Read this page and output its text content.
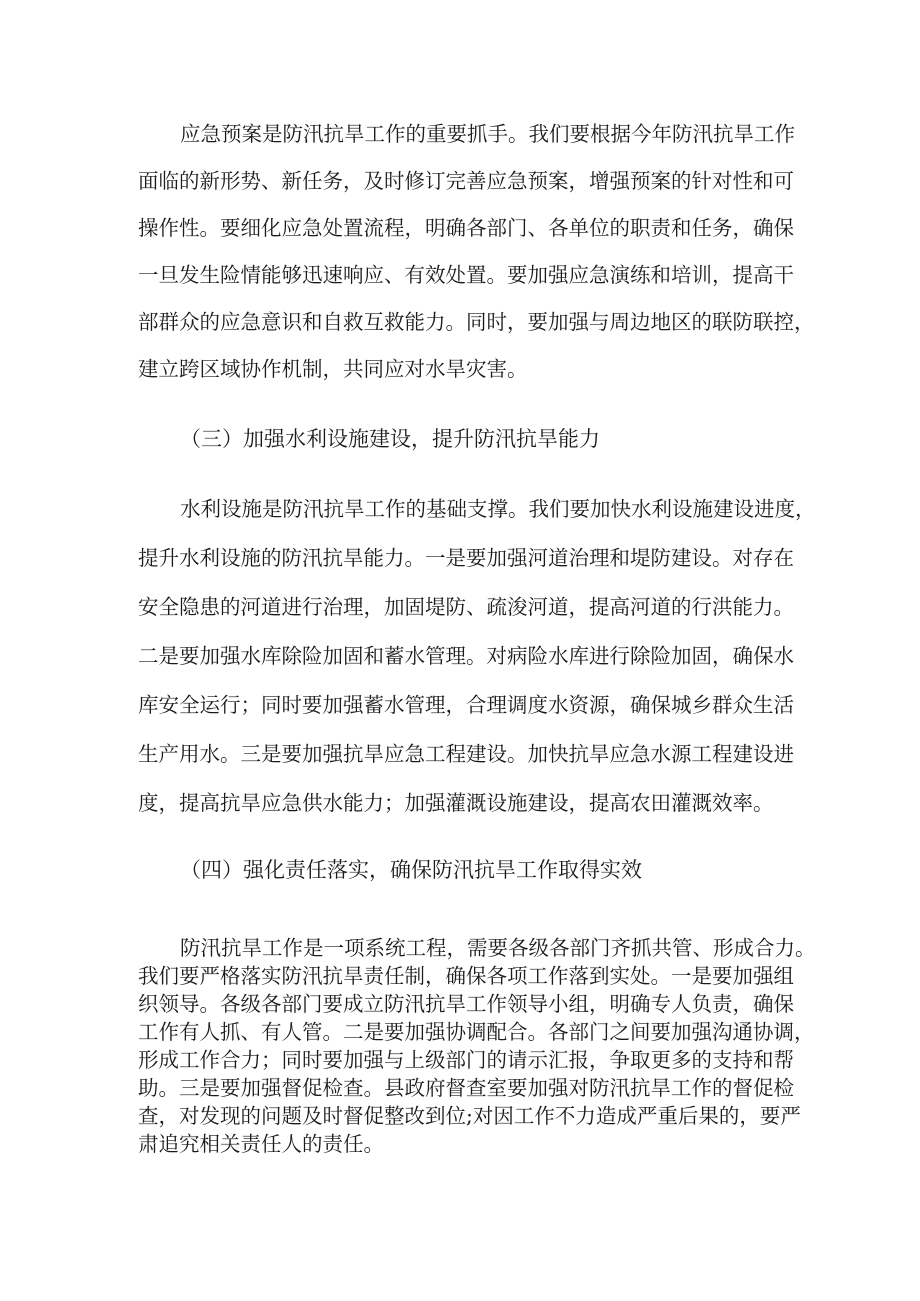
应急预案是防汛抗旱工作的重要抓手。我们要根据今年防汛抗旱工作

面临的新形势、新任务，及时修订完善应急预案，增强预案的针对性和可

操作性。要细化应急处置流程，明确各部门、各单位的职责和任务，确保

一旦发生险情能够迅速响应、有效处置。要加强应急演练和培训，提高干

部群众的应急意识和自救互救能力。同时，要加强与周边地区的联防联控，

建立跨区域协作机制，共同应对水旱灾害。

（三）加强水利设施建设，提升防汛抗旱能力

水利设施是防汛抗旱工作的基础支撑。我们要加快水利设施建设进度，

提升水利设施的防汛抗旱能力。一是要加强河道治理和堤防建设。对存在

安全隐患的河道进行治理，加固堤防、疏浚河道，提高河道的行洪能力。

二是要加强水库除险加固和蓄水管理。对病险水库进行除险加固，确保水

库安全运行；同时要加强蓄水管理，合理调度水资源，确保城乡群众生活

生产用水。三是要加强抗旱应急工程建设。加快抗旱应急水源工程建设进

度，提高抗旱应急供水能力；加强灌溉设施建设，提高农田灌溉效率。

（四）强化责任落实，确保防汛抗旱工作取得实效

防汛抗旱工作是一项系统工程，需要各级各部门齐抓共管、形成合力。

我们要严格落实防汛抗旱责任制，确保各项工作落到实处。一是要加强组

织领导。各级各部门要成立防汛抗旱工作领导小组，明确专人负责，确保

工作有人抓、有人管。二是要加强协调配合。各部门之间要加强沟通协调，

形成工作合力；同时要加强与上级部门的请示汇报，争取更多的支持和帮

助。三是要加强督促检查。县政府督查室要加强对防汛抗旱工作的督促检

查，对发现的问题及时督促整改到位;对因工作不力造成严重后果的，要严

肃追究相关责任人的责任。
